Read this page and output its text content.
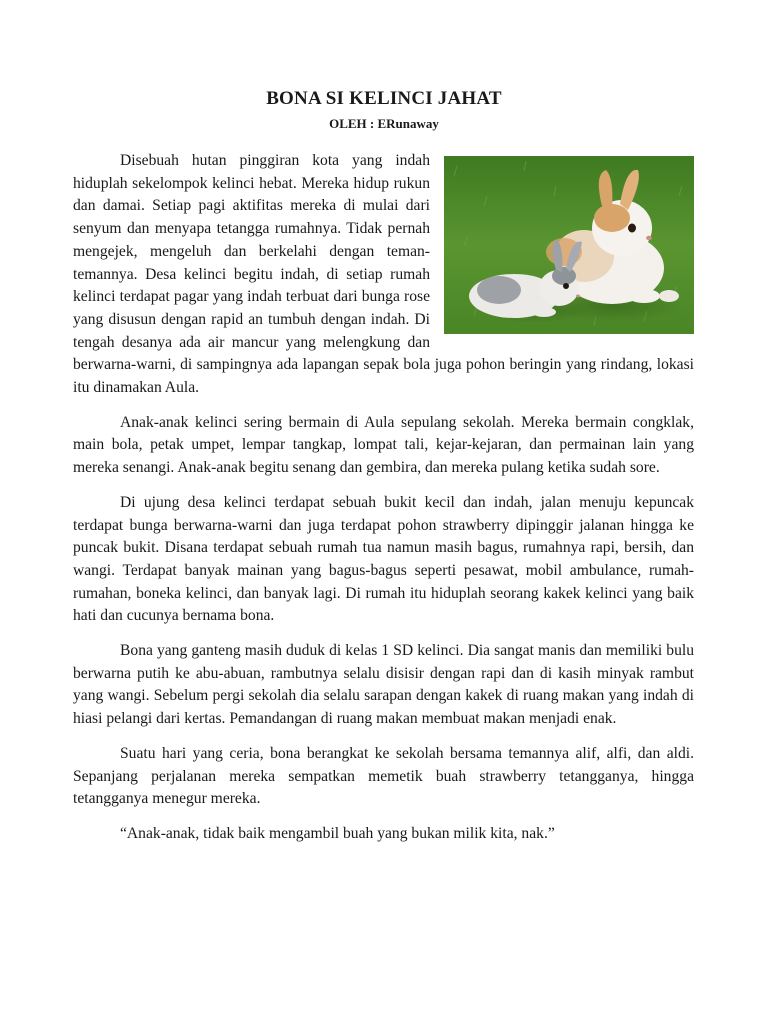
BONA SI KELINCI JAHAT
OLEH : ERunaway

Disebuah hutan pinggiran kota yang indah hiduplah sekelompok kelinci hebat. Mereka hidup rukun dan damai. Setiap pagi aktifitas mereka di mulai dari senyum dan menyapa tetangga rumahnya. Tidak pernah mengejek, mengeluh dan berkelahi dengan teman-temannya. Desa kelinci begitu indah, di setiap rumah kelinci terdapat pagar yang indah terbuat dari bunga rose yang disusun dengan rapid an tumbuh dengan indah. Di tengah desanya ada air mancur yang melengkung dan berwarna-warni, di sampingnya ada lapangan sepak bola juga pohon beringin yang rindang, lokasi itu dinamakan Aula.

Anak-anak kelinci sering bermain di Aula sepulang sekolah. Mereka bermain congklak, main bola, petak umpet, lempar tangkap, lompat tali, kejar-kejaran, dan permainan lain yang mereka senangi. Anak-anak begitu senang dan gembira, dan mereka pulang ketika sudah sore.

Di ujung desa kelinci terdapat sebuah bukit kecil dan indah, jalan menuju kepuncak terdapat bunga berwarna-warni dan juga terdapat pohon strawberry dipinggir jalanan hingga ke puncak bukit. Disana terdapat sebuah rumah tua namun masih bagus, rumahnya rapi, bersih, dan wangi. Terdapat banyak mainan yang bagus-bagus seperti pesawat, mobil ambulance, rumah-rumahan, boneka kelinci, dan banyak lagi. Di rumah itu hiduplah seorang kakek kelinci yang baik hati dan cucunya bernama bona.

Bona yang ganteng masih duduk di kelas 1 SD kelinci. Dia sangat manis dan memiliki bulu berwarna putih ke abu-abuan, rambutnya selalu disisir dengan rapi dan di kasih minyak rambut yang wangi. Sebelum pergi sekolah dia selalu sarapan dengan kakek di ruang makan yang indah di hiasi pelangi dari kertas. Pemandangan di ruang makan membuat makan menjadi enak.

Suatu hari yang ceria, bona berangkat ke sekolah bersama temannya alif, alfi, dan aldi. Sepanjang perjalanan mereka sempatkan memetik buah strawberry tetangganya, hingga tetangganya menegur mereka.

“Anak-anak, tidak baik mengambil buah yang bukan milik kita, nak.”
